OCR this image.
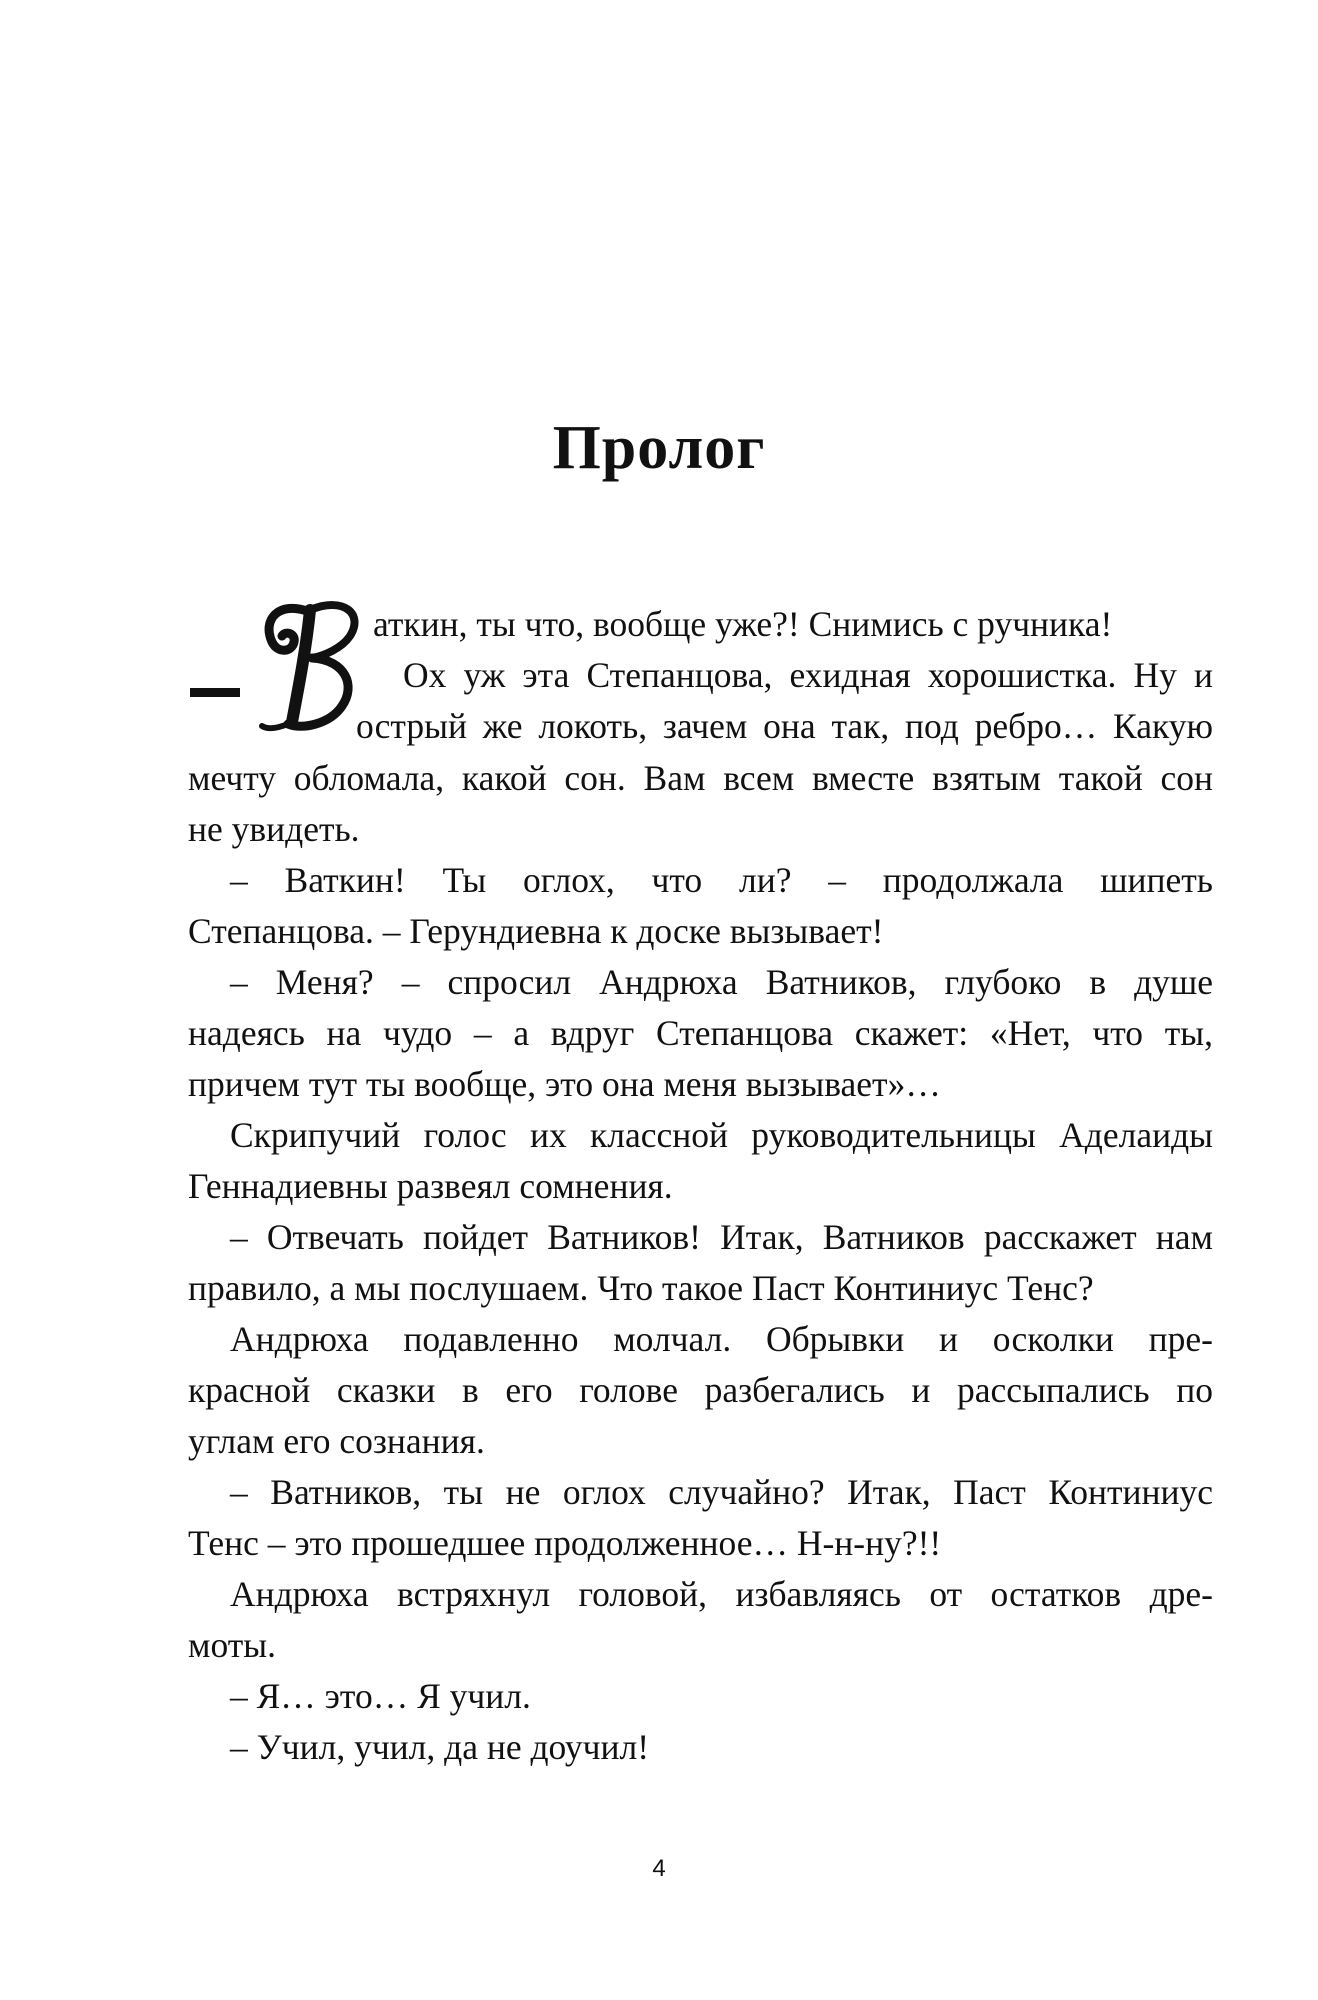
Пролог
аткин, ты что, вообще уже?! Снимись с ручника!
Ох уж эта Степанцова, ехидная хорошистка. Ну и
острый же локоть, зачем она так, под ребро… Какую
мечту обломала, какой сон. Вам всем вместе взятым такой сон
не увидеть.
– Ваткин! Ты оглох, что ли? – продолжала шипеть
Степанцова. – Герундиевна к доске вызывает!
– Меня? – спросил Андрюха Ватников, глубоко в душе
надеясь на чудо – а вдруг Степанцова скажет: «Нет, что ты,
причем тут ты вообще, это она меня вызывает»…
Скрипучий голос их классной руководительницы Аделаиды
Геннадиевны развеял сомнения.
– Отвечать пойдет Ватников! Итак, Ватников расскажет нам
правило, а мы послушаем. Что такое Паст Континиус Тенс?
Андрюха подавленно молчал. Обрывки и осколки пре-
красной сказки в его голове разбегались и рассыпались по
углам его сознания.
– Ватников, ты не оглох случайно? Итак, Паст Континиус
Тенс – это прошедшее продолженное… Н-н-ну?!!
Андрюха встряхнул головой, избавляясь от остатков дре-
моты.
– Я… это… Я учил.
– Учил, учил, да не доучил!
4
